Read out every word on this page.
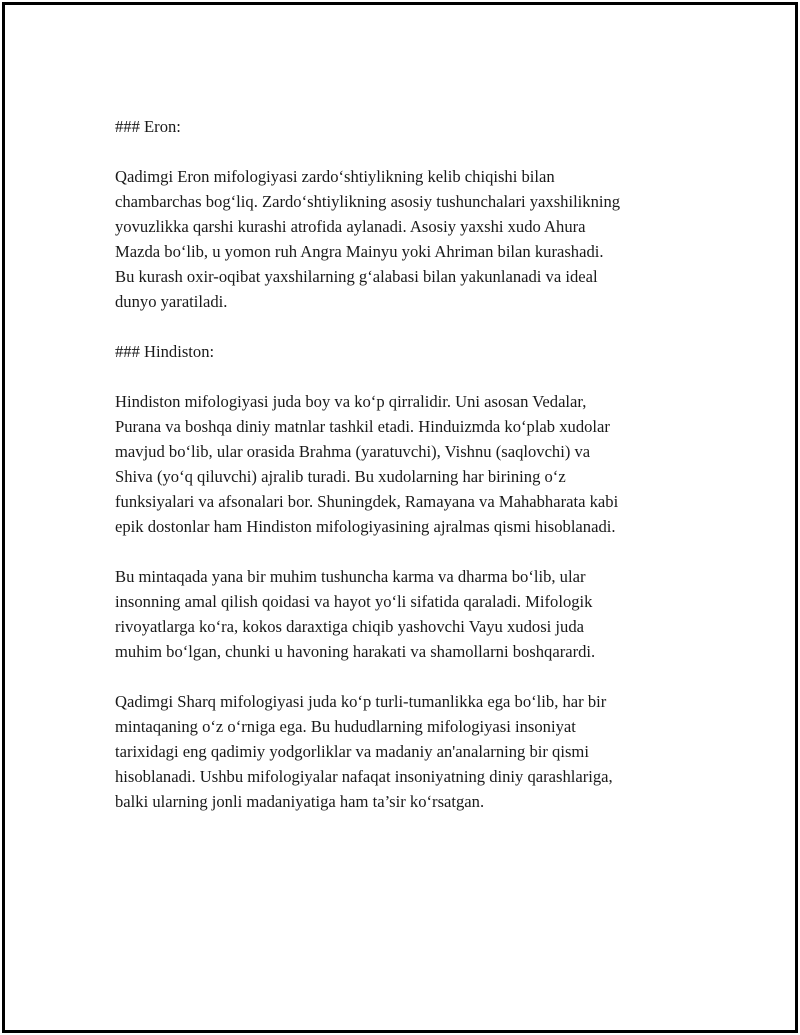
### Eron:

Qadimgi Eron mifologiyasi zardo‘shtiylikning kelib chiqishi bilan
chambarchas bog‘liq. Zardo‘shtiylikning asosiy tushunchalari yaxshilikning
yovuzlikka qarshi kurashi atrofida aylanadi. Asosiy yaxshi xudo Ahura
Mazda bo‘lib, u yomon ruh Angra Mainyu yoki Ahriman bilan kurashadi.
Bu kurash oxir-oqibat yaxshilarning g‘alabasi bilan yakunlanadi va ideal
dunyo yaratiladi.

### Hindiston:

Hindiston mifologiyasi juda boy va ko‘p qirralidir. Uni asosan Vedalar,
Purana va boshqa diniy matnlar tashkil etadi. Hinduizmda ko‘plab xudolar
mavjud bo‘lib, ular orasida Brahma (yaratuvchi), Vishnu (saqlovchi) va
Shiva (yo‘q qiluvchi) ajralib turadi. Bu xudolarning har birining o‘z
funksiyalari va afsonalari bor. Shuningdek, Ramayana va Mahabharata kabi
epik dostonlar ham Hindiston mifologiyasining ajralmas qismi hisoblanadi.

Bu mintaqada yana bir muhim tushuncha karma va dharma bo‘lib, ular
insonning amal qilish qoidasi va hayot yo‘li sifatida qaraladi. Mifologik
rivoyatlarga ko‘ra, kokos daraxtiga chiqib yashovchi Vayu xudosi juda
muhim bo‘lgan, chunki u havoning harakati va shamollarni boshqarardi.

Qadimgi Sharq mifologiyasi juda ko‘p turli-tumanlikka ega bo‘lib, har bir
mintaqaning o‘z o‘rniga ega. Bu hududlarning mifologiyasi insoniyat
tarixidagi eng qadimiy yodgorliklar va madaniy an'analarning bir qismi
hisoblanadi. Ushbu mifologiyalar nafaqat insoniyatning diniy qarashlariga,
balki ularning jonli madaniyatiga ham ta’sir ko‘rsatgan.
